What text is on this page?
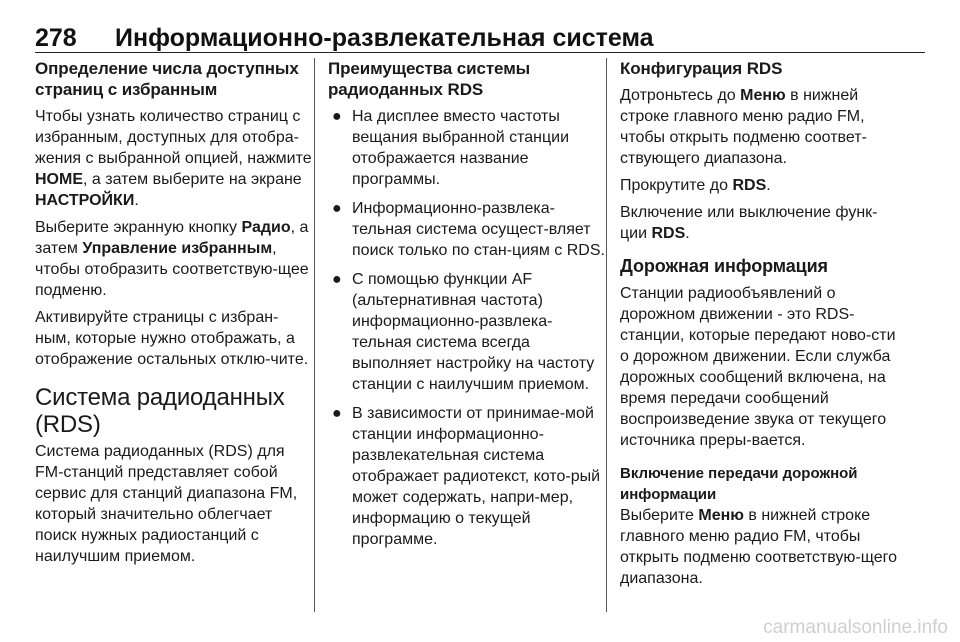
278 Информационно-развлекательная система
Определение числа доступных страниц с избранным

Чтобы узнать количество страниц с избранным, доступных для отобра‐жения с выбранной опцией, нажмите HOME, а затем выберите на экране НАСТРОЙКИ.

Выберите экранную кнопку Радио, а затем Управление избранным, чтобы отобразить соответствую‐щее подменю.

Активируйте страницы с избран‐ным, которые нужно отображать, а отображение остальных отклю‐чите.

Система радиоданных (RDS)

Система радиоданных (RDS) для FM-станций представляет собой сервис для станций диапазона FM, который значительно облегчает поиск нужных радиостанций с наилучшим приемом.

Преимущества системы радиоданных RDS
● На дисплее вместо частоты вещания выбранной станции отображается название программы.
● Информационно-развлека‐тельная система осущест‐вляет поиск только по стан‐циям с RDS.
● С помощью функции AF (альтернативная частота) информационно-развлека‐тельная система всегда выполняет настройку на частоту станции с наилучшим приемом.
● В зависимости от принимае‐мой станции информационно-развлекательная система отображает радиотекст, кото‐рый может содержать, напри‐мер, информацию о текущей программе.
Конфигурация RDS

Дотроньтесь до Меню в нижней строке главного меню радио FM, чтобы открыть подменю соответ‐ствующего диапазона.

Прокрутите до RDS.

Включение или выключение функ‐ции RDS.

Дорожная информация

Станции радиообъявлений о дорожном движении - это RDS-станции, которые передают ново‐сти о дорожном движении. Если служба дорожных сообщений включена, на время передачи сообщений воспроизведение звука от текущего источника преры‐вается.

Включение передачи дорожной информации

Выберите Меню в нижней строке главного меню радио FM, чтобы открыть подменю соответствую‐щего диапазона.

carmanualsonline.info
